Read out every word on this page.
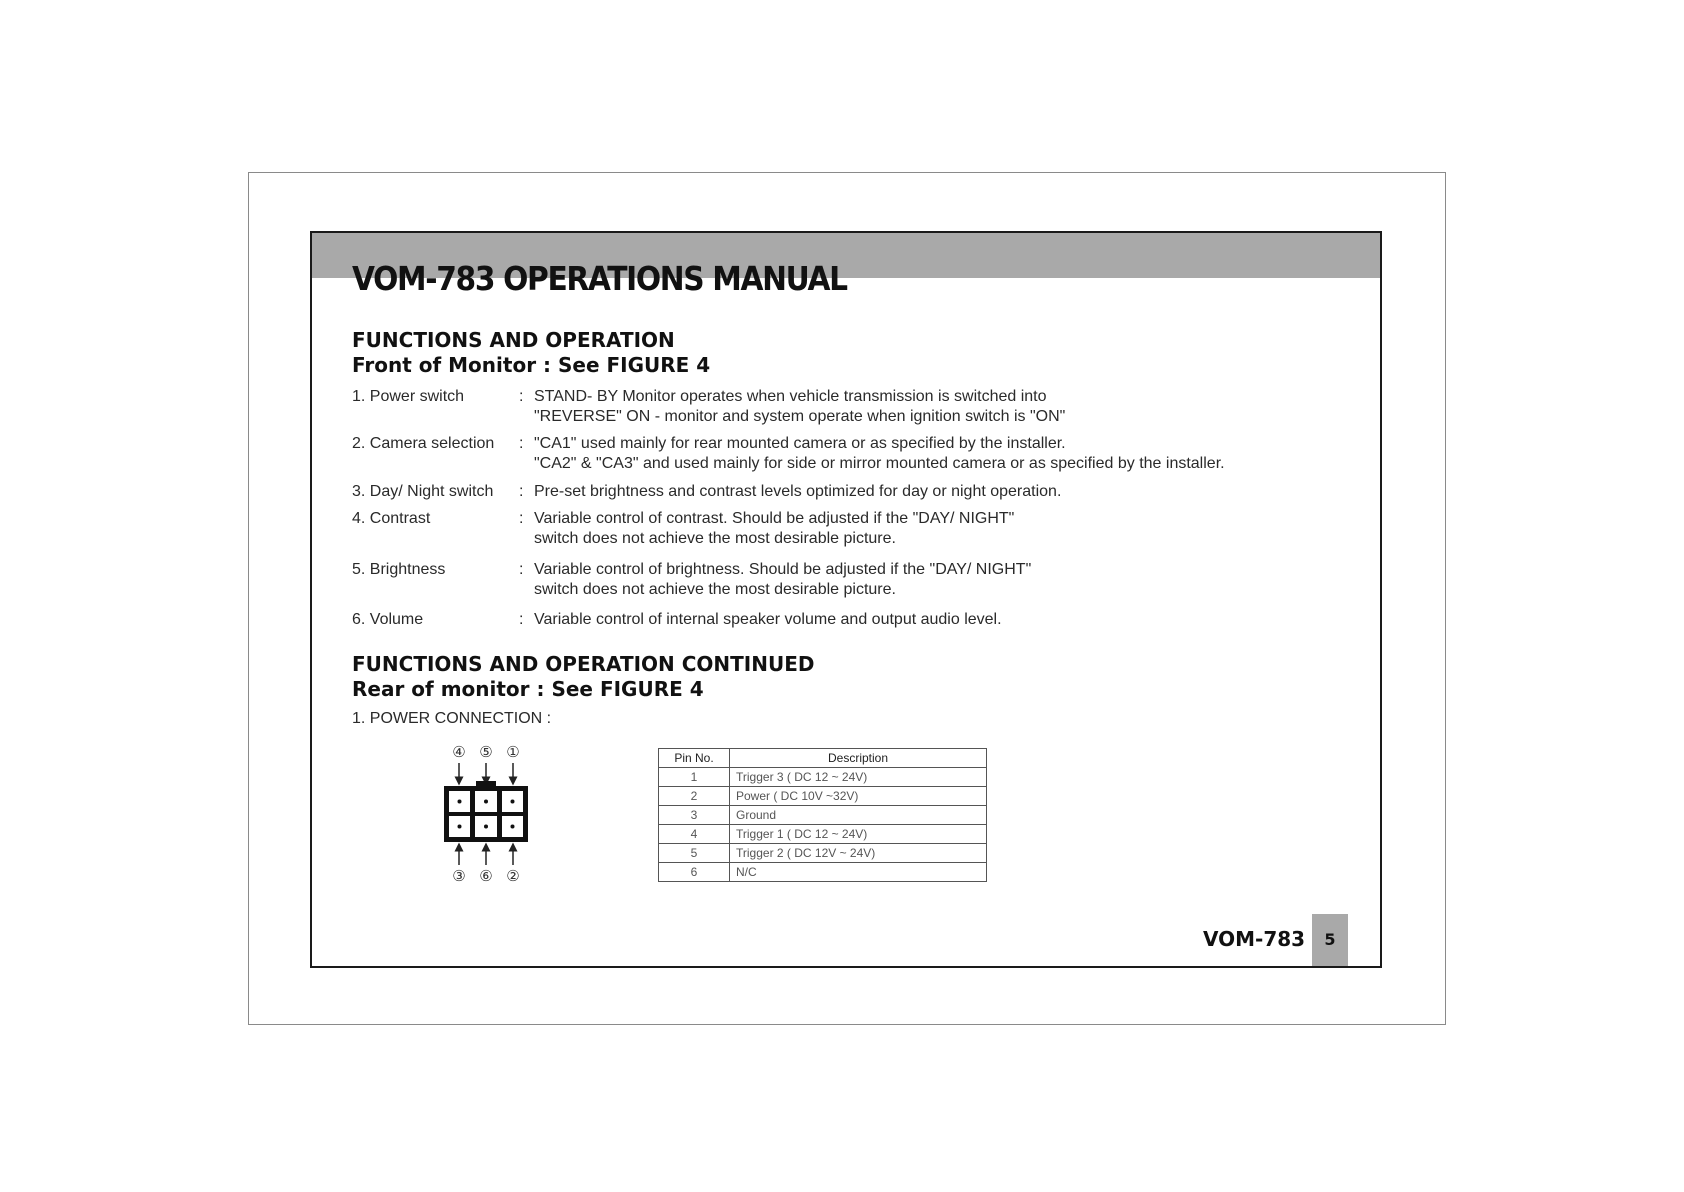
VOM-783 OPERATIONS MANUAL
FUNCTIONS AND OPERATION
Front of Monitor : See FIGURE 4
1. Power switch	: STAND- BY Monitor operates when vehicle transmission is switched into
"REVERSE" ON - monitor and system operate when ignition switch is "ON"
2. Camera selection : "CA1" used mainly for rear mounted camera or as specified by the installer.
"CA2" & "CA3" and used mainly for side or mirror mounted camera or as specified by the installer.
3. Day/ Night switch : Pre-set brightness and contrast levels optimized for day or night operation.
4. Contrast	: Variable control of contrast. Should be adjusted if the "DAY/ NIGHT"
switch does not achieve the most desirable picture.
5. Brightness	: Variable control of brightness. Should be adjusted if the "DAY/ NIGHT"
switch does not achieve the most desirable picture.
6. Volume	: Variable control of internal speaker volume and output audio level.
FUNCTIONS AND OPERATION CONTINUED
Rear of monitor : See FIGURE 4
1. POWER CONNECTION :
④ ⑤ ①
③ ⑥ ②
Pin No.	Description
1	Trigger 3 ( DC 12 ~ 24V)
2	Power ( DC 10V ~32V)
3	Ground
4	Trigger 1 ( DC 12 ~ 24V)
5	Trigger 2 ( DC 12V ~ 24V)
6	N/C
VOM-783	5
